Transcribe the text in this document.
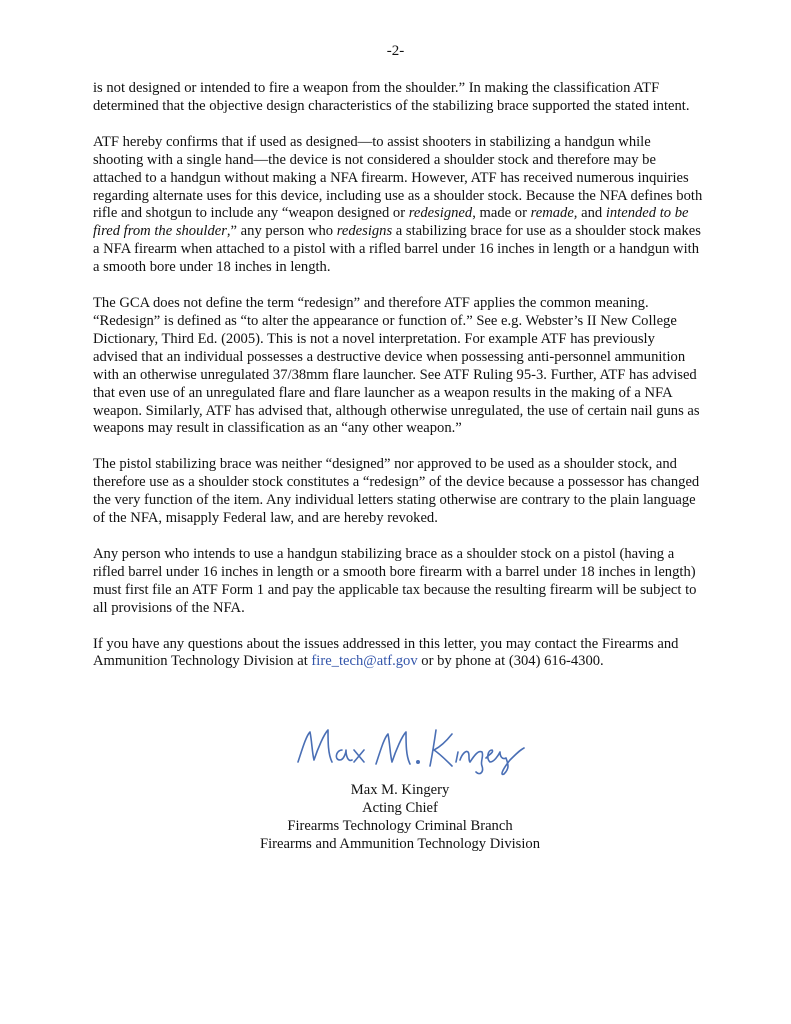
-2-

is not designed or intended to fire a weapon from the shoulder.” In making the classification ATF determined that the objective design characteristics of the stabilizing brace supported the stated intent.

ATF hereby confirms that if used as designed—to assist shooters in stabilizing a handgun while shooting with a single hand—the device is not considered a shoulder stock and therefore may be attached to a handgun without making a NFA firearm. However, ATF has received numerous inquiries regarding alternate uses for this device, including use as a shoulder stock. Because the NFA defines both rifle and shotgun to include any “weapon designed or redesigned, made or remade, and intended to be fired from the shoulder,” any person who redesigns a stabilizing brace for use as a shoulder stock makes a NFA firearm when attached to a pistol with a rifled barrel under 16 inches in length or a handgun with a smooth bore under 18 inches in length.

The GCA does not define the term “redesign” and therefore ATF applies the common meaning. “Redesign” is defined as “to alter the appearance or function of.” See e.g. Webster’s II New College Dictionary, Third Ed. (2005). This is not a novel interpretation. For example ATF has previously advised that an individual possesses a destructive device when possessing anti-personnel ammunition with an otherwise unregulated 37/38mm flare launcher. See ATF Ruling 95-3. Further, ATF has advised that even use of an unregulated flare and flare launcher as a weapon results in the making of a NFA weapon. Similarly, ATF has advised that, although otherwise unregulated, the use of certain nail guns as weapons may result in classification as an “any other weapon.”

The pistol stabilizing brace was neither “designed” nor approved to be used as a shoulder stock, and therefore use as a shoulder stock constitutes a “redesign” of the device because a possessor has changed the very function of the item. Any individual letters stating otherwise are contrary to the plain language of the NFA, misapply Federal law, and are hereby revoked.

Any person who intends to use a handgun stabilizing brace as a shoulder stock on a pistol (having a rifled barrel under 16 inches in length or a smooth bore firearm with a barrel under 18 inches in length) must first file an ATF Form 1 and pay the applicable tax because the resulting firearm will be subject to all provisions of the NFA.

If you have any questions about the issues addressed in this letter, you may contact the Firearms and Ammunition Technology Division at fire_tech@atf.gov or by phone at (304) 616-4300.

Max M. Kingery
Acting Chief
Firearms Technology Criminal Branch
Firearms and Ammunition Technology Division
